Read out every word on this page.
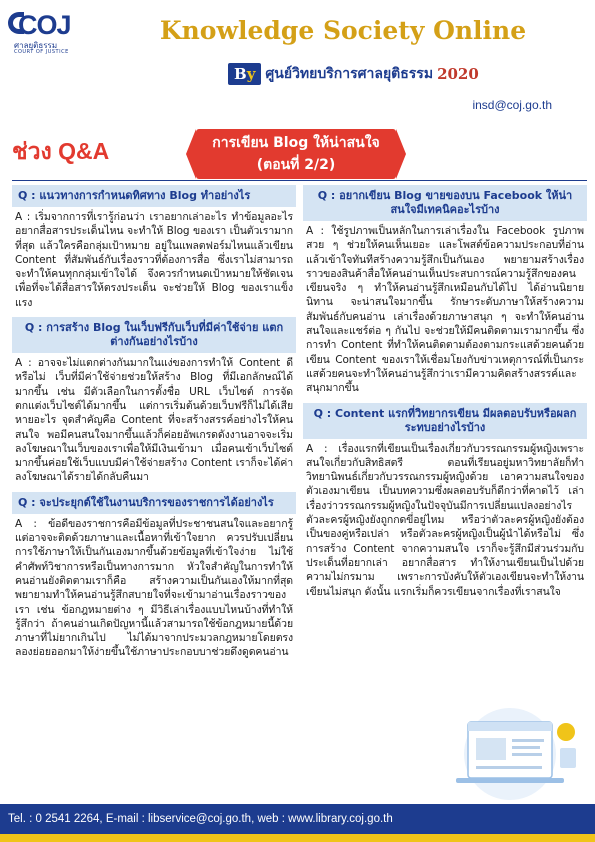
COJ
ศาลยุติธรรม
COURT OF JUSTICE
Knowledge Society Online
By ศูนย์วิทยบริการศาลยุติธรรม 2020
insd@coj.go.th
ช่วง Q&A	การเขียน Blog ให้น่าสนใจ
(ตอนที่ 2/2)
Q : แนวทางการกำหนดทิศทาง Blog ทำอย่างไร
A : เริ่มจากการที่เรารู้ก่อนว่า เราอยากเล่าอะไร ทำข้อมูลอะไร อยากสื่อสารประเด็นไหน จะทำให้ Blog ของเรา เป็นตัวเรามากที่สุด แล้วใครคือกลุ่มเป้าหมาย อยู่ในแพลตฟอร์มไหนแล้วเขียน Content ที่สัมพันธ์กับเรื่องราวที่ต้องการสื่อ ซึ่งเราไม่สามารถจะทำให้คนทุกกลุ่มเข้าใจได้ จึงควรกำหนดเป้าหมายให้ชัดเจนเพื่อที่จะได้สื่อสารให้ตรงประเด็น จะช่วยให้ Blog ของเราแข็งแรง
Q : การสร้าง Blog ในเว็บฟรีกับเว็บที่มีค่าใช้จ่าย แตกต่างกันอย่างไรบ้าง
A : อาจจะไม่แตกต่างกันมากในแง่ของการทำให้ Content ดีหรือไม่ เว็บที่มีค่าใช้จ่ายช่วยให้สร้าง Blog ที่มีเอกลักษณ์ได้มากขึ้น เช่น มีตัวเลือกในการตั้งชื่อ URL เว็บไซต์ การจัดตกแต่งเว็บไซต์ได้มากขึ้น แต่การเริ่มต้นด้วยเว็บฟรีก็ไม่ได้เสียหายอะไร จุดสำคัญคือ Content ที่จะสร้างสรรค์อย่างไรให้คนสนใจ พอมีคนสนใจมากขึ้นแล้วก็ค่อยอัพเกรดดังงานอาจจะเริ่มลงโฆษณาในเว็บของเราเพื่อให้มีเงินเข้ามา เมื่อคนเข้าเว็บไซต์มากขึ้นค่อยใช้เว็บแบบมีค่าใช้จ่ายสร้าง Content เราก็จะได้ค่าลงโฆษณาได้รายได้กลับคืนมา
Q : จะประยุกต์ใช้ในงานบริการของราชการได้อย่างไร
A : ข้อดีของราชการคือมีข้อมูลที่ประชาชนสนใจและอยากรู้ แต่อาจจะติดด้วยภาษาและเนื้อหาที่เข้าใจยาก ควรปรับเปลี่ยนการใช้ภาษาให้เป็นกันเองมากขึ้นด้วยข้อมูลที่เข้าใจง่าย ไม่ใช้คำศัพท์วิชาการหรือเป็นทางการมาก หัวใจสำคัญในการทำให้คนอ่านยังติดตามเราก็คือ สร้างความเป็นกันเองให้มากที่สุด พยายามทำให้คนอ่านรู้สึกสบายใจที่จะเข้ามาอ่านเรื่องราวของเรา เช่น ข้อกฎหมายต่าง ๆ มีวิธีเล่าเรื่องแบบไหนบ้างที่ทำให้รู้สึกว่า ถ้าคนอ่านเกิดปัญหานี้แล้วสามารถใช้ข้อกฎหมายนี้ด้วยภาษาที่ไม่ยากเกินไป ไม่ได้มาจากประมวลกฎหมายโดยตรง ลองย่อยออกมาให้ง่ายขึ้นใช้ภาษาประกอบบาช่วยดึงดูดคนอ่าน
Q : อยากเขียน Blog ขายของบน Facebook ให้น่าสนใจมีเทคนิคอะไรบ้าง
A : ใช้รูปภาพเป็นหลักในการเล่าเรื่องใน Facebook รูปภาพสวย ๆ ช่วยให้คนเห็นเยอะ และโพสต์ข้อความประกอบที่อ่านแล้วเข้าใจทันทีสร้างความรู้สึกเป็นกันเอง พยายามสร้างเรื่องราวของสินค้าสื่อให้คนอ่านเห็นประสบการณ์ความรู้สึกของคนเขียนจริง ๆ ทำให้คนอ่านรู้สึกเหมือนกับได้ไป ได้อ่านนิยายนิทาน จะน่าสนใจมากขึ้น รักษาระดับภาษาให้สร้างความสัมพันธ์กับคนอ่าน เล่าเรื่องด้วยภาษาสนุก ๆ จะทำให้คนอ่านสนใจและแชร์ต่อ ๆ กันไป จะช่วยให้มีคนติดตามเรามากขึ้น ซึ่งการทำ Content ที่ทำให้คนติดตามต้องตามกระแสด้วยคนด้วยเขียน Content ของเราให้เชื่อมโยงกับข่าวเหตุการณ์ที่เป็นกระแสด้วยคนจะทำให้คนอ่านรู้สึกว่าเรามีความคิดสร้างสรรค์และสนุกมากขึ้น
Q : Content แรกที่วิทยากรเขียน มีผลตอบรับหรือผลกระทบอย่างไรบ้าง
A : เรื่องแรกที่เขียนเป็นเรื่องเกี่ยวกับวรรณกรรมผู้หญิงเพราะสนใจเกี่ยวกับสิทธิสตรี ตอนที่เรียนอยู่มหาวิทยาลัยก็ทำวิทยานิพนธ์เกี่ยวกับวรรณกรรมผู้หญิงด้วย เอาความสนใจของตัวเองมาเขียน เป็นบทความซึ่งผลตอบรับก็ดีกว่าที่คาดไว้ เล่าเรื่องว่าวรรณกรรมผู้หญิงในปัจจุบันมีการเปลี่ยนแปลงอย่างไร ตัวละครผู้หญิงยังถูกกดขี่อยู่ไหม หรือว่าตัวละครผู้หญิงยังต้องเป็นของคู่หรือเปล่า หรือตัวละครผู้หญิงเป็นผู้นำได้หรือไม่ ซึ่งการสร้าง Content จากความสนใจ เราก็จะรู้สึกมีส่วนร่วมกับประเด็นที่อยากเล่า อยากสื่อสาร ทำให้งานเขียนเป็นไปด้วยความไม่กรมาม เพราะการบังคับให้ตัวเองเขียนจะทำให้งานเขียนไม่สนุก ดังนั้น แรกเริ่มก็ควรเขียนจากเรื่องที่เราสนใจ
Tel. : 0 2541 2264, E-mail : libservice@coj.go.th, web : www.library.coj.go.th
